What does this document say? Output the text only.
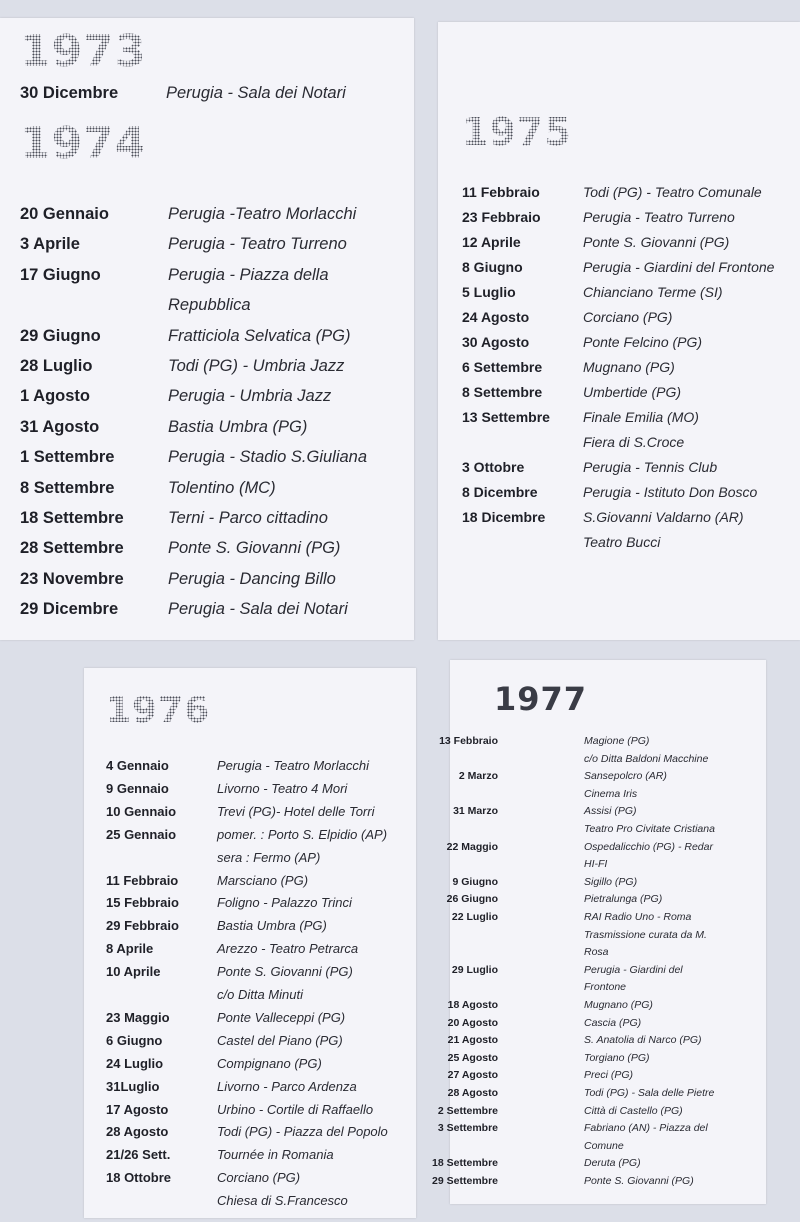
1973
30 Dicembre	Perugia - Sala dei Notari
1974
20 Gennaio	Perugia -Teatro Morlacchi
3 Aprile	Perugia - Teatro Turreno
17 Giugno	Perugia - Piazza della
Repubblica
29 Giugno	Fratticiola Selvatica (PG)
28 Luglio	Todi (PG) - Umbria Jazz
1 Agosto	Perugia - Umbria Jazz
31 Agosto	Bastia Umbra (PG)
1 Settembre	Perugia - Stadio S.Giuliana
8 Settembre	Tolentino (MC)
18 Settembre	Terni - Parco cittadino
28 Settembre	Ponte S. Giovanni (PG)
23 Novembre	Perugia - Dancing Billo
29 Dicembre	Perugia - Sala dei Notari
1975
11 Febbraio	Todi (PG) - Teatro Comunale
23 Febbraio	Perugia - Teatro Turreno
12 Aprile	Ponte S. Giovanni (PG)
8 Giugno	Perugia - Giardini del Frontone
5 Luglio	Chianciano Terme (SI)
24 Agosto	Corciano (PG)
30 Agosto	Ponte Felcino (PG)
6 Settembre	Mugnano (PG)
8 Settembre	Umbertide (PG)
13 Settembre Finale Emilia (MO)
Fiera di S.Croce
3 Ottobre	Perugia - Tennis Club
8 Dicembre	Perugia - Istituto Don Bosco
18 Dicembre	S.Giovanni Valdarno (AR)
Teatro Bucci
1976
4 Gennaio	Perugia - Teatro Morlacchi
9 Gennaio	Livorno - Teatro 4 Mori
10 Gennaio	Trevi (PG)- Hotel delle Torri
25 Gennaio	pomer. : Porto S. Elpidio (AP)
sera : Fermo (AP)
11 Febbraio	Marsciano (PG)
15 Febbraio	Foligno - Palazzo Trinci
29 Febbraio	Bastia Umbra (PG)
8 Aprile	Arezzo - Teatro Petrarca
10 Aprile	Ponte S. Giovanni (PG)
c/o Ditta Minuti
23 Maggio	Ponte Valleceppi (PG)
6 Giugno	Castel del Piano (PG)
24 Luglio	Compignano (PG)
31Luglio	Livorno - Parco Ardenza
17 Agosto	Urbino - Cortile di Raffaello
28 Agosto	Todi (PG) - Piazza del Popolo
21/26 Sett.	Tournée in Romania
18 Ottobre	Corciano (PG)
Chiesa di S.Francesco
1977
13 Febbraio	Magione (PG)
c/o Ditta Baldoni Macchine
2 Marzo	Sansepolcro (AR)
Cinema Iris
31 Marzo	Assisi (PG)
Teatro Pro Civitate Cristiana
22 Maggio	Ospedalicchio (PG) - Redar
HI-FI
9 Giugno	Sigillo (PG)
26 Giugno	Pietralunga (PG)
22 Luglio	RAI Radio Uno - Roma
Trasmissione curata da M.
Rosa
29 Luglio	Perugia - Giardini del
Frontone
18 Agosto	Mugnano (PG)
20 Agosto	Cascia (PG)
21 Agosto	S. Anatolia di Narco (PG)
25 Agosto	Torgiano (PG)
27 Agosto	Preci (PG)
28 Agosto	Todi (PG) - Sala delle Pietre
2 Settembre	Città di Castello (PG)
3 Settembre	Fabriano (AN) - Piazza del
Comune
18 Settembre	Deruta (PG)
29 Settembre	Ponte S. Giovanni (PG)
